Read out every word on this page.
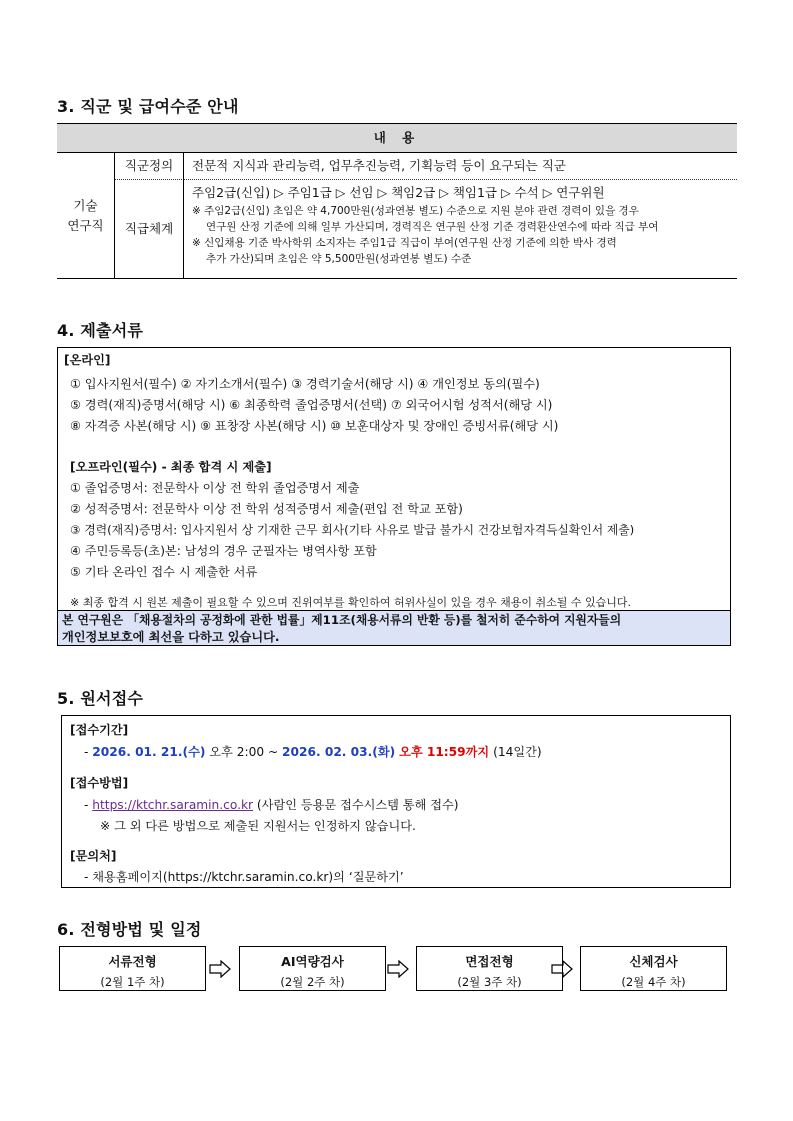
3. 직군 및 급여수준 안내
내 용
기술
연구직
직군정의	전문적 지식과 관리능력, 업무추진능력, 기획능력 등이 요구되는 직군
직급체계
주임2급(신입) ▷ 주임1급 ▷ 선임 ▷ 책임2급 ▷ 책임1급 ▷ 수석 ▷ 연구위원
※ 주임2급(신입) 초임은 약 4,700만원(성과연봉 별도) 수준으로 지원 분야 관련 경력이 있을 경우
연구원 산정 기준에 의해 일부 가산되며, 경력직은 연구원 산정 기준 경력환산연수에 따라 직급 부여
※ 신입채용 기준 박사학위 소지자는 주임1급 직급이 부여(연구원 산정 기준에 의한 박사 경력
추가 가산)되며 초임은 약 5,500만원(성과연봉 별도) 수준
4. 제출서류
[온라인]
① 입사지원서(필수) ② 자기소개서(필수) ③ 경력기술서(해당 시) ④ 개인정보 동의(필수)
⑤ 경력(재직)증명서(해당 시) ⑥ 최종학력 졸업증명서(선택) ⑦ 외국어시험 성적서(해당 시)
⑧ 자격증 사본(해당 시) ⑨ 표창장 사본(해당 시) ⑩ 보훈대상자 및 장애인 증빙서류(해당 시)
[오프라인(필수) - 최종 합격 시 제출]
① 졸업증명서: 전문학사 이상 전 학위 졸업증명서 제출
② 성적증명서: 전문학사 이상 전 학위 성적증명서 제출(편입 전 학교 포함)
③ 경력(재직)증명서: 입사지원서 상 기재한 근무 회사(기타 사유로 발급 불가시 건강보험자격득실확인서 제출)
④ 주민등록등(초)본: 남성의 경우 군필자는 병역사항 포함
⑤ 기타 온라인 접수 시 제출한 서류
※ 최종 합격 시 원본 제출이 필요할 수 있으며 진위여부를 확인하여 허위사실이 있을 경우 채용이 취소될 수 있습니다.
본 연구원은 「채용절차의 공정화에 관한 법률」제11조(채용서류의 반환 등)를 철저히 준수하여 지원자들의
개인정보보호에 최선을 다하고 있습니다.
5. 원서접수
[접수기간]
- 2026. 01. 21.(수) 오후 2:00 ~ 2026. 02. 03.(화) 오후 11:59까지 (14일간)
[접수방법]
- https://ktchr.saramin.co.kr (사람인 등용문 접수시스템 통해 접수)
※ 그 외 다른 방법으로 제출된 지원서는 인정하지 않습니다.
[문의처]
- 채용홈페이지(https://ktchr.saramin.co.kr)의 ‘질문하기’
6. 전형방법 및 일정
서류전형
(2월 1주 차)
AI역량검사
(2월 2주 차)
면접전형
(2월 3주 차)
신체검사
(2월 4주 차)
